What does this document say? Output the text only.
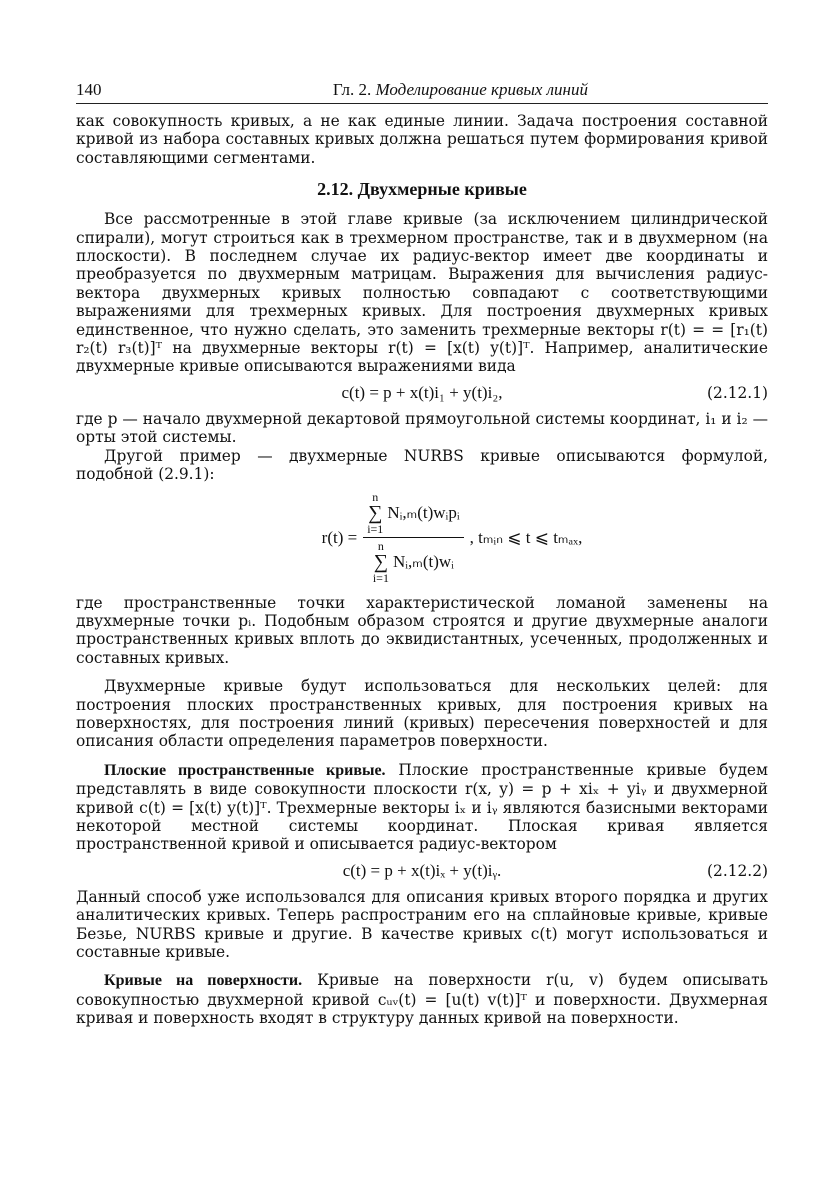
140	Гл. 2. Моделирование кривых линий

как совокупность кривых, а не как единые линии. Задача построения составной кривой из набора составных кривых должна решаться путем формирования кривой составляющими сегментами.

2.12. Двухмерные кривые

Все рассмотренные в этой главе кривые (за исключением цилиндрической спирали), могут строиться как в трехмерном пространстве, так и в двухмерном (на плоскости). В последнем случае их радиус-вектор имеет две координаты и преобразуется по двухмерным матрицам. Выражения для вычисления радиус-вектора двухмерных кривых полностью совпадают с соответствующими выражениями для трехмерных кривых. Для построения двухмерных кривых единственное, что нужно сделать, это заменить трехмерные векторы r(t) = = [r₁(t) r₂(t) r₃(t)]ᵀ на двухмерные векторы r(t) = [x(t) y(t)]ᵀ. Например, аналитические двухмерные кривые описываются выражениями вида

c(t) = p + x(t)i₁ + y(t)i₂,	(2.12.1)

где p — начало двухмерной декартовой прямоугольной системы координат, i₁ и i₂ — орты этой системы.

Другой пример — двухмерные NURBS кривые описываются формулой, подобной (2.9.1):

r(t) = n
∑
i=1
Nᵢ,ₘ(t)wᵢpᵢ
n
∑
i=1
Nᵢ,ₘ(t)wᵢ , tₘᵢₙ ⩽ t ⩽ tₘₐₓ,

где пространственные точки характеристической ломаной заменены на двухмерные точки pᵢ. Подобным образом строятся и другие двухмерные аналоги пространственных кривых вплоть до эквидистантных, усеченных, продолженных и составных кривых.

Двухмерные кривые будут использоваться для нескольких целей: для построения плоских пространственных кривых, для построения кривых на поверхностях, для построения линий (кривых) пересечения поверхностей и для описания области определения параметров поверхности.

Плоские пространственные кривые. Плоские пространственные кривые будем представлять в виде совокупности плоскости r(x, y) = p + xiₓ + yiᵧ и двухмерной кривой c(t) = [x(t) y(t)]ᵀ. Трехмерные векторы iₓ и iᵧ являются базисными векторами некоторой местной системы координат. Плоская кривая является пространственной кривой и описывается радиус-вектором

c(t) = p + x(t)iₓ + y(t)iᵧ.	(2.12.2)

Данный способ уже использовался для описания кривых второго порядка и других аналитических кривых. Теперь распространим его на сплайновые кривые, кривые Безье, NURBS кривые и другие. В качестве кривых c(t) могут использоваться и составные кривые.

Кривые на поверхности. Кривые на поверхности r(u, v) будем описывать совокупностью двухмерной кривой cᵤᵥ(t) = [u(t) v(t)]ᵀ и поверхности. Двухмерная кривая и поверхность входят в структуру данных кривой на поверхности.
